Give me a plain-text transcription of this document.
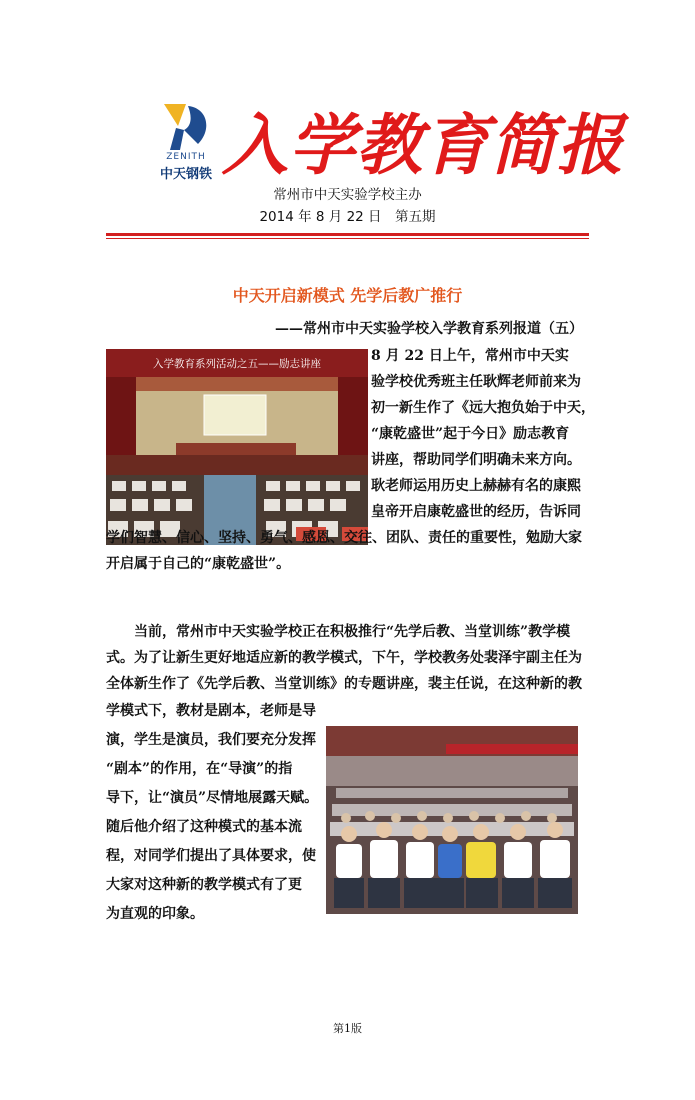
ZENITH
中天钢铁 入学教育简报
常州市中天实验学校主办
2014 年 8 月 22 日　第五期
中天开启新模式 先学后教广推行
——常州市中天实验学校入学教育系列报道（五）
入学教育系列活动之五——励志讲座	8 月 22 日上午，常州市中天实
验学校优秀班主任耿辉老师前来为
初一新生作了《远大抱负始于中天，
“康乾盛世”起于今日》励志教育
讲座，帮助同学们明确未来方向。
耿老师运用历史上赫赫有名的康熙
皇帝开启康乾盛世的经历，告诉同
学们智慧、信心、坚持、勇气、感恩、交往、团队、责任的重要性，勉励大家
开启属于自己的“康乾盛世”。
当前，常州市中天实验学校正在积极推行“先学后教、当堂训练”教学模式。为了让新生更好地适应新的教学模式，下午，学校教务处裴泽宇副主任为全体新生作了《先学后教、当堂训练》的专题讲座，裴主任说，在这种新的教
学模式下，教材是剧本，老师是导
演，学生是演员，我们要充分发挥
“剧本”的作用，在“导演”的指
导下，让“演员”尽情地展露天赋。
随后他介绍了这种模式的基本流
程，对同学们提出了具体要求，使
大家对这种新的教学模式有了更
为直观的印象。
第1版
